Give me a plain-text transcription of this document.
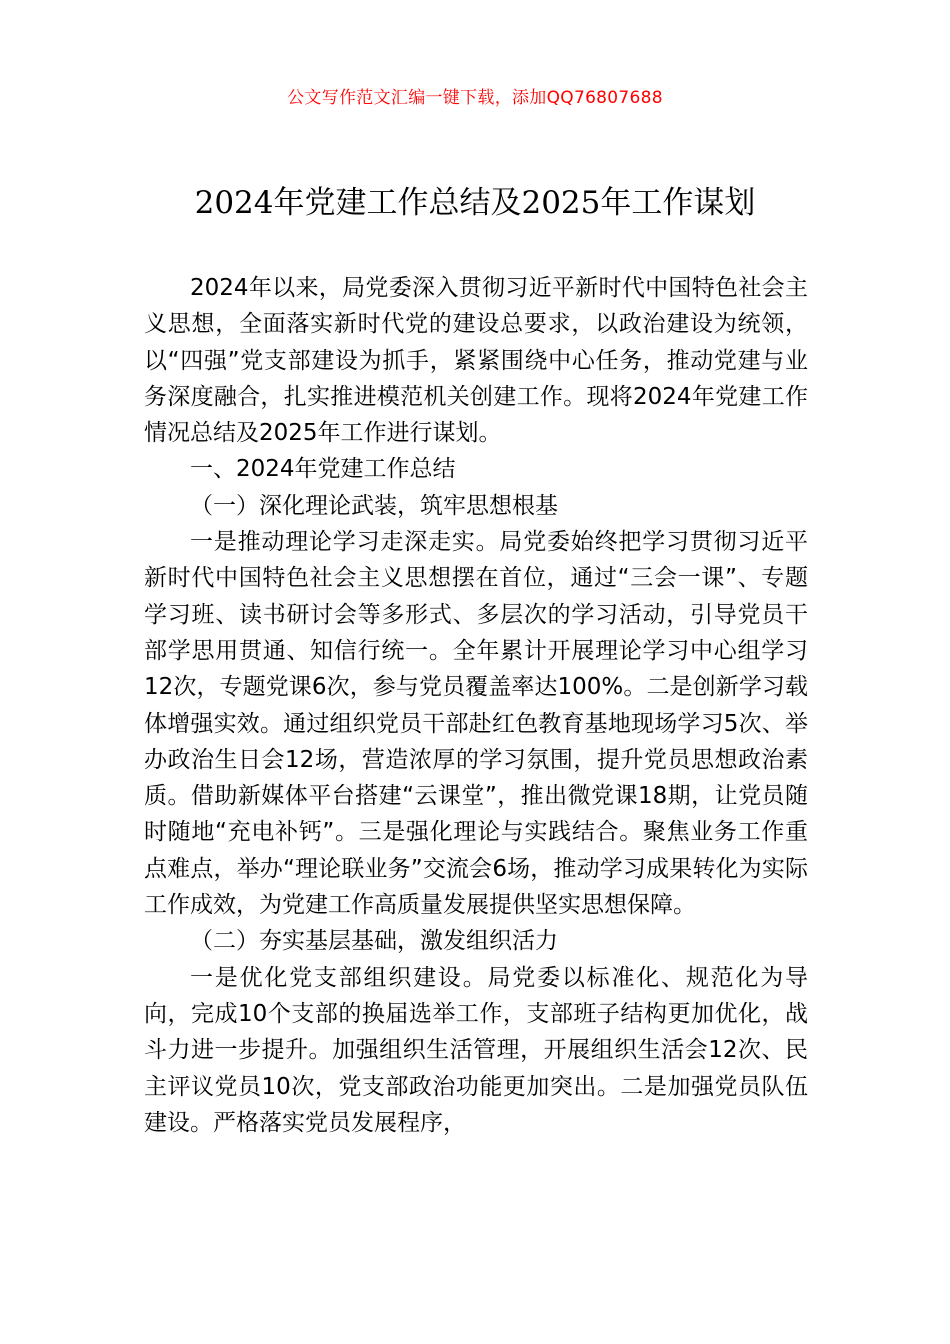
公文写作范文汇编一键下载，添加QQ76807688
2024年党建工作总结及2025年工作谋划

2024年以来，局党委深入贯彻习近平新时代中国特色社会主义思想，全面落实新时代党的建设总要求，以政治建设为统领，以“四强”党支部建设为抓手，紧紧围绕中心任务，推动党建与业务深度融合，扎实推进模范机关创建工作。现将2024年党建工作情况总结及2025年工作进行谋划。

一、2024年党建工作总结

（一）深化理论武装，筑牢思想根基

一是推动理论学习走深走实。局党委始终把学习贯彻习近平新时代中国特色社会主义思想摆在首位，通过“三会一课”、专题学习班、读书研讨会等多形式、多层次的学习活动，引导党员干部学思用贯通、知信行统一。全年累计开展理论学习中心组学习12次，专题党课6次，参与党员覆盖率达100%。二是创新学习载体增强实效。通过组织党员干部赴红色教育基地现场学习5次、举办政治生日会12场，营造浓厚的学习氛围，提升党员思想政治素质。借助新媒体平台搭建“云课堂”，推出微党课18期，让党员随时随地“充电补钙”。三是强化理论与实践结合。聚焦业务工作重点难点，举办“理论联业务”交流会6场，推动学习成果转化为实际工作成效，为党建工作高质量发展提供坚实思想保障。

（二）夯实基层基础，激发组织活力

一是优化党支部组织建设。局党委以标准化、规范化为导向，完成10个支部的换届选举工作，支部班子结构更加优化，战斗力进一步提升。加强组织生活管理，开展组织生活会12次、民主评议党员10次，党支部政治功能更加突出。二是加强党员队伍建设。严格落实党员发展程序，
